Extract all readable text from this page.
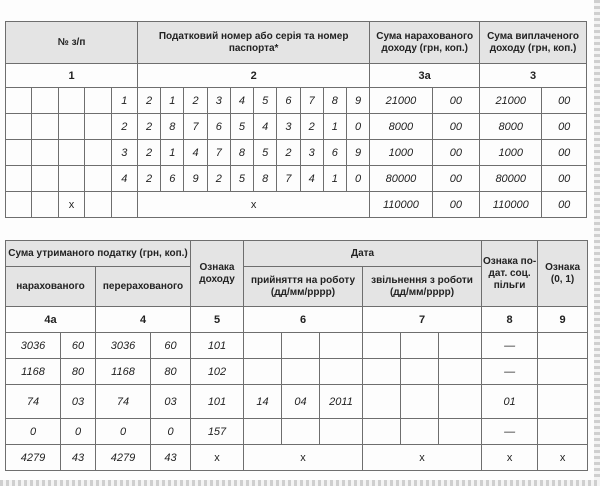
№ з/п					Податковий номер або серія та номер паспорта*										Сума нарахованого доходу (грн, коп.)		Сума виплаченого доходу (грн, коп.)	
1					2										3а		3	
				1	2	1	2	3	4	5	6	7	8	9	21000	00	21000	00
				2	2	8	7	6	5	4	3	2	1	0	8000	00	8000	00
				3	2	1	4	7	8	5	2	3	6	9	1000	00	1000	00
				4	2	6	9	2	5	8	7	4	1	0	80000	00	80000	00
		х			х										110000	00	110000	00
Сума утриманого податку (грн, коп.)				Ознака доходу	Дата						Ознака по-дат. соц. пільги	Ознака (0, 1)
нарахованого		перерахованого			прийняття на роботу (дд/мм/рррр)			звільнення з роботи (дд/мм/рррр)				
4а		4		5	6			7			8	9
3036	60	3036	60	101							—	
1168	80	1168	80	102							—	
74	03	74	03	101	14	04	2011				01	
0	0	0	0	157							—	
4279	43	4279	43	х	х			х			х	х
